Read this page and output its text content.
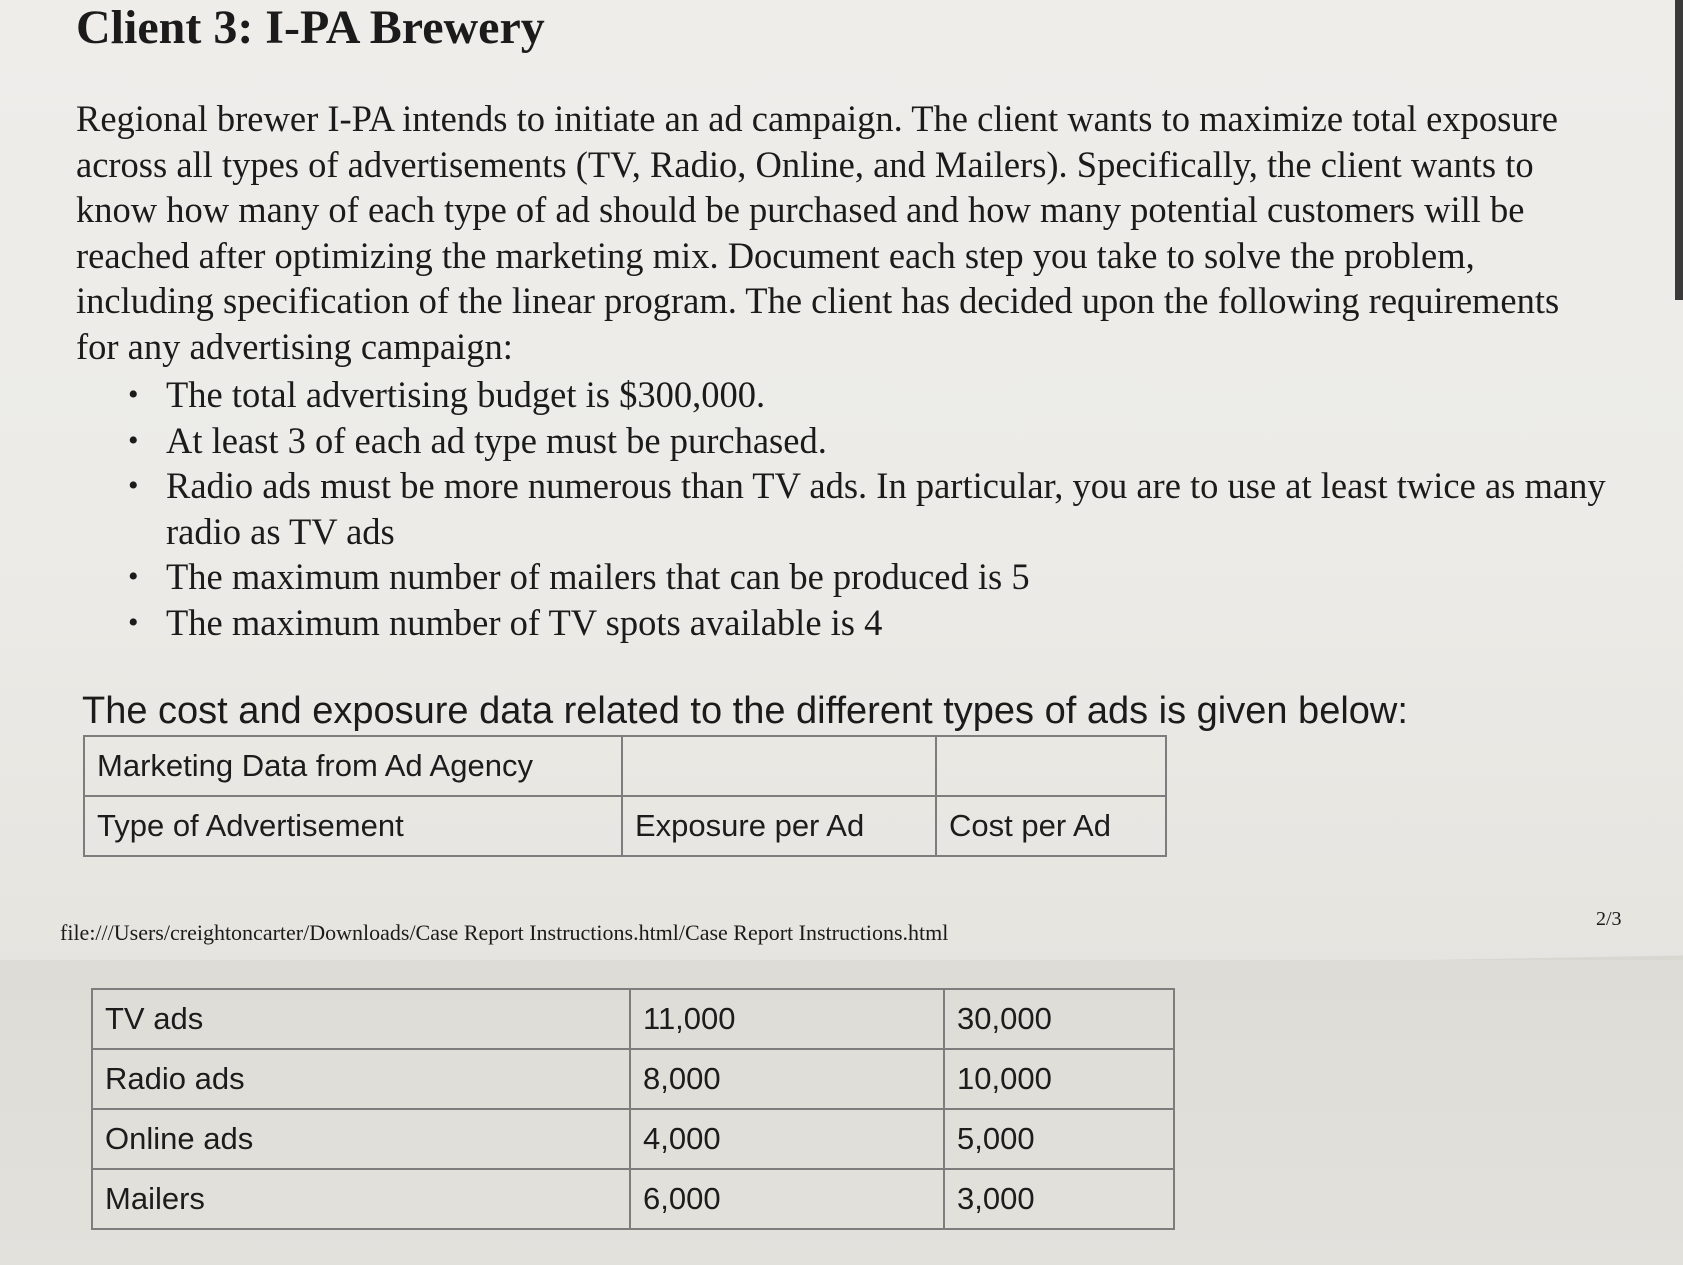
Client 3: I-PA Brewery

Regional brewer I-PA intends to initiate an ad campaign. The client wants to maximize total exposure across all types of advertisements (TV, Radio, Online, and Mailers). Specifically, the client wants to know how many of each type of ad should be purchased and how many potential customers will be reached after optimizing the marketing mix. Document each step you take to solve the problem, including specification of the linear program. The client has decided upon the following requirements for any advertising campaign:

• The total advertising budget is $300,000.
• At least 3 of each ad type must be purchased.
• Radio ads must be more numerous than TV ads. In particular, you are to use at least twice as many radio as TV ads
• The maximum number of mailers that can be produced is 5
• The maximum number of TV spots available is 4
The cost and exposure data related to the different types of ads is given below:
Marketing Data from Ad Agency		
Type of Advertisement	Exposure per Ad	Cost per Ad
file:///Users/creightoncarter/Downloads/Case Report Instructions.html/Case Report Instructions.html
2/3
TV ads	11,000	30,000
Radio ads	8,000	10,000
Online ads	4,000	5,000
Mailers	6,000	3,000
